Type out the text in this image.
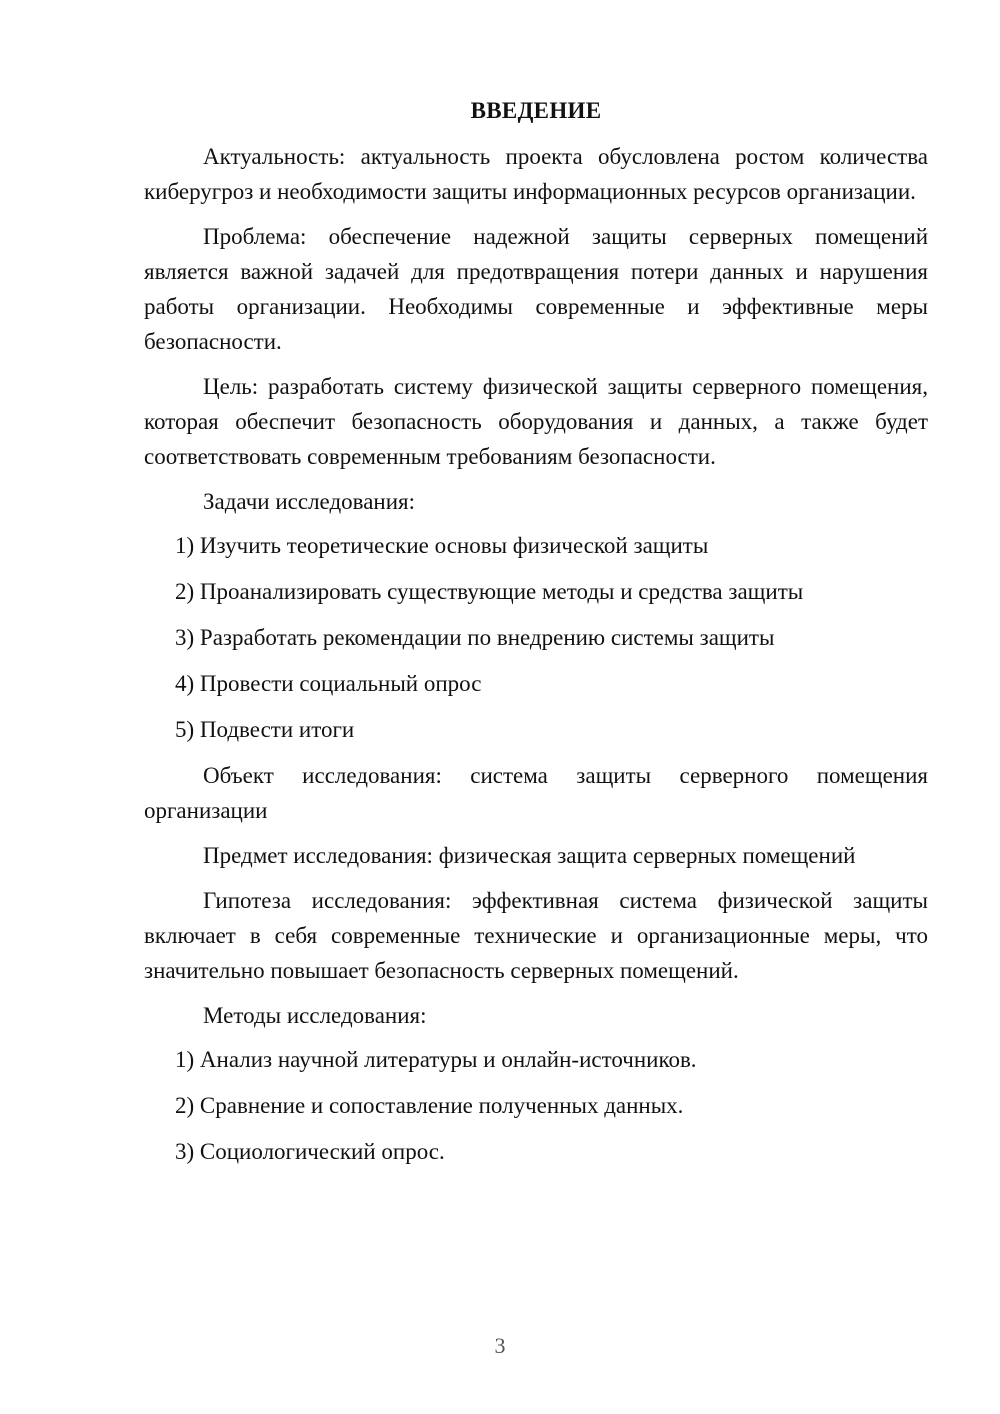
ВВЕДЕНИЕ

Актуальность: актуальность проекта обусловлена ростом количества киберугроз и необходимости защиты информационных ресурсов организации.

Проблема: обеспечение надежной защиты серверных помещений является важной задачей для предотвращения потери данных и нарушения работы организации. Необходимы современные и эффективные меры безопасности.

Цель: разработать систему физической защиты серверного помещения, которая обеспечит безопасность оборудования и данных, а также будет соответствовать современным требованиям безопасности.

Задачи исследования:

1) Изучить теоретические основы физической защиты
2) Проанализировать существующие методы и средства защиты
3) Разработать рекомендации по внедрению системы защиты
4) Провести социальный опрос
5) Подвести итоги

Объект исследования: система защиты серверного помещения организации

Предмет исследования: физическая защита серверных помещений

Гипотеза исследования: эффективная система физической защиты включает в себя современные технические и организационные меры, что значительно повышает безопасность серверных помещений.

Методы исследования:

1) Анализ научной литературы и онлайн-источников.
2) Сравнение и сопоставление полученных данных.
3) Социологический опрос.
3
